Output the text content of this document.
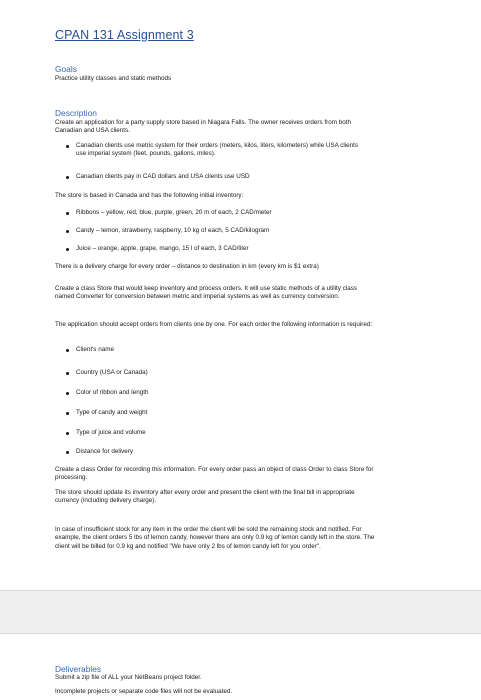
CPAN 131 Assignment 3
Goals
Practice utility classes and static methods
Description
Create an application for a party supply store based in Niagara Falls. The owner receives orders from both Canadian and USA clients.
Canadian clients use metric system for their orders (meters, kilos, liters, kilometers) while USA clients use imperial system (feet, pounds, gallons, miles).
Canadian clients pay in CAD dollars and USA clients use USD
The store is based in Canada and has the following initial inventory:
Ribbons – yellow, red, blue, purple, green, 20 m of each, 2 CAD/meter
Candy – lemon, strawberry, raspberry, 10 kg of each, 5 CAD/kilogram
Juice – orange, apple, grape, mango, 15 l of each, 3 CAD/liter
There is a delivery charge for every order – distance to destination in km (every km is $1 extra)
Create a class Store that would keep inventory and process orders. It will use static methods of a utility class named Converter for conversion between metric and imperial systems as well as currency conversion.
The application should accept orders from clients one by one. For each order the following information is required:
Client's name
Country (USA or Canada)
Color of ribbon and length
Type of candy and weight
Type of juice and volume
Distance for delivery
Create a class Order for recording this information. For every order pass an object of class Order to class Store for processing.
The store should update its inventory after every order and present the client with the final bill in appropriate currency (including delivery charge).
In case of insufficient stock for any item in the order the client will be sold the remaining stock and notified. For example, the client orders 5 lbs of lemon candy, however there are only 0.9 kg of lemon candy left in the store. The client will be billed for 0.9 kg and notified "We have only 2 lbs of lemon candy left for you order".
Deliverables
Submit a zip file of ALL your NetBeans project folder.
Incomplete projects or separate code files will not be evaluated.
